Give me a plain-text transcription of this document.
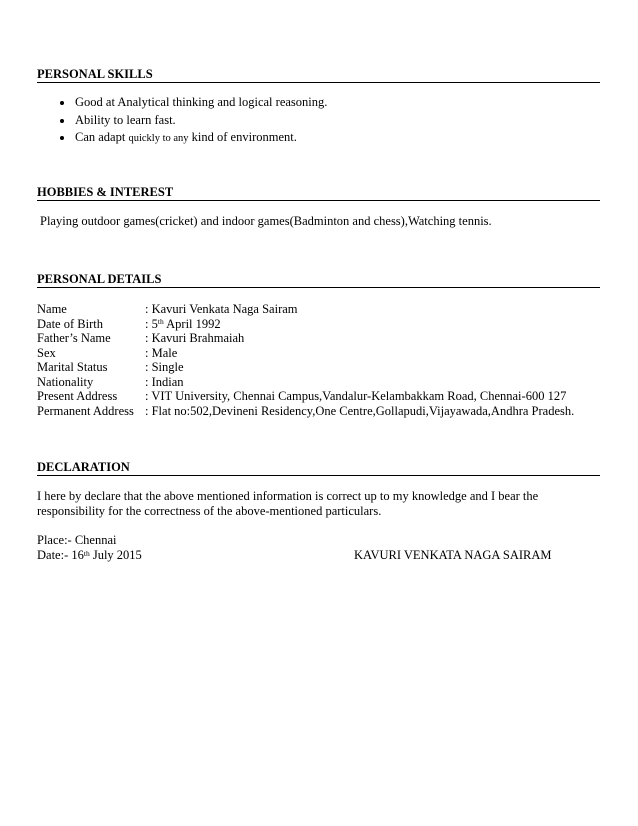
PERSONAL SKILLS
Good at Analytical thinking and logical reasoning.
Ability to learn fast.
Can adapt quickly to any kind of environment.
HOBBIES & INTEREST
Playing outdoor games(cricket) and indoor games(Badminton and chess),Watching tennis.
PERSONAL DETAILS
Name	: Kavuri Venkata Naga Sairam
Date of Birth	: 5th April 1992
Father’s Name	: Kavuri Brahmaiah
Sex	: Male
Marital Status	: Single
Nationality	: Indian
Present Address : VIT University, Chennai Campus,Vandalur-Kelambakkam Road, Chennai-600 127
Permanent Address : Flat no:502,Devineni Residency,One Centre,Gollapudi,Vijayawada,Andhra Pradesh.
DECLARATION
I here by declare that the above mentioned information is correct up to my knowledge and I bear the
responsibility for the correctness of the above-mentioned particulars.
Place:- Chennai
Date:- 16th July 2015	KAVURI VENKATA NAGA SAIRAM
